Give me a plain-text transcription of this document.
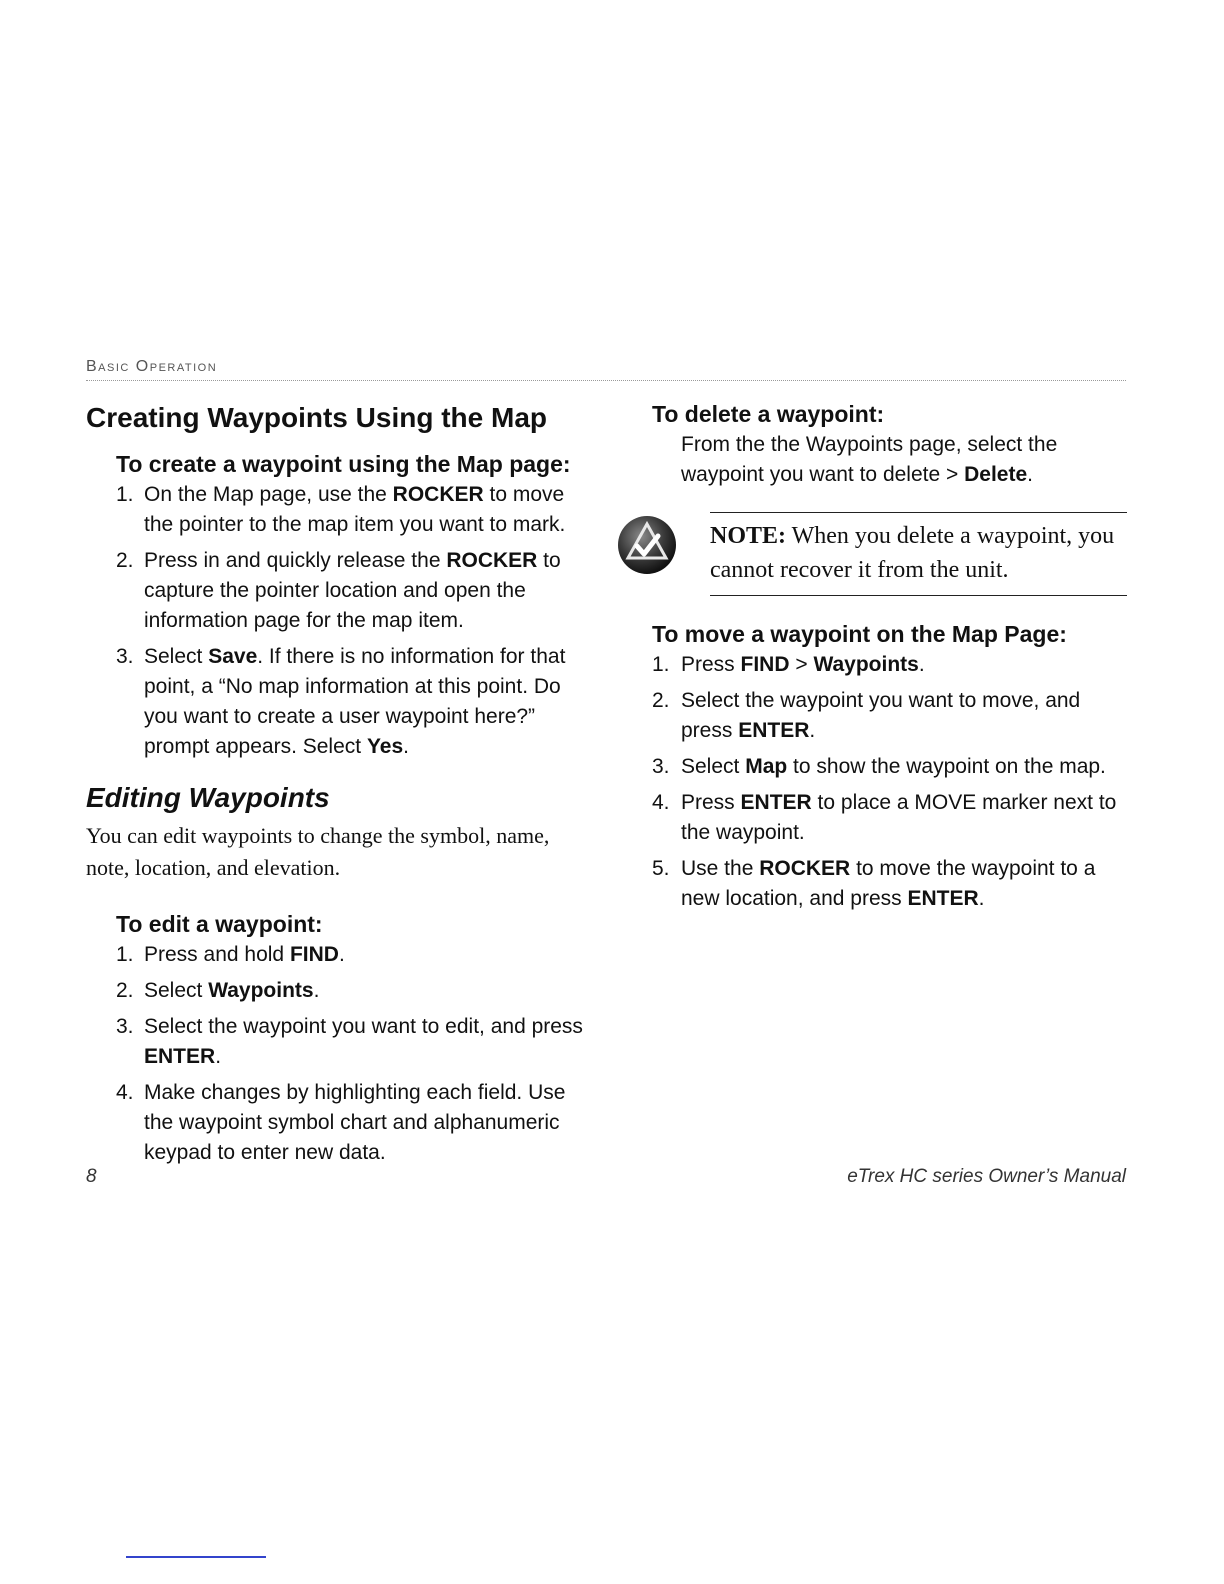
Basic Operation
Creating Waypoints Using the Map
To create a waypoint using the Map page:
1. On the Map page, use the ROCKER to move the pointer to the map item you want to mark.
2. Press in and quickly release the ROCKER to capture the pointer location and open the information page for the map item.
3. Select Save. If there is no information for that point, a “No map information at this point. Do you want to create a user waypoint here?” prompt appears. Select Yes.
Editing Waypoints

You can edit waypoints to change the symbol, name, note, location, and elevation.

To edit a waypoint:
1. Press and hold FIND.
2. Select Waypoints.
3. Select the waypoint you want to edit, and press ENTER.
4. Make changes by highlighting each field. Use the waypoint symbol chart and alphanumeric keypad to enter new data.
To delete a waypoint:

From the the Waypoints page, select the waypoint you want to delete > Delete.

NOTE: When you delete a waypoint, you cannot recover it from the unit.
To move a waypoint on the Map Page:
1. Press FIND > Waypoints.
2. Select the waypoint you want to move, and press ENTER.
3. Select Map to show the waypoint on the map.
4. Press ENTER to place a MOVE marker next to the waypoint.
5. Use the ROCKER to move the waypoint to a new location, and press ENTER.
8	eTrex HC series Owner’s Manual
